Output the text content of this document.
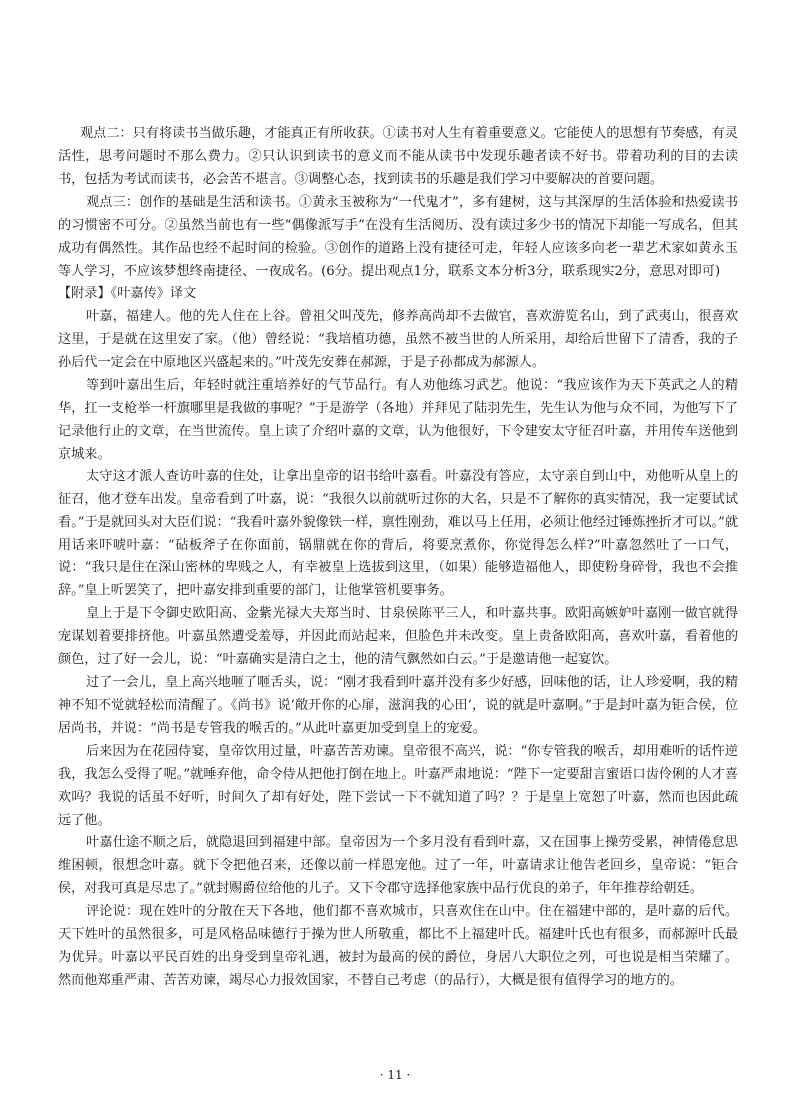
观点二：只有将读书当做乐趣，才能真正有所收获。①读书对人生有着重要意义。它能使人的思想有节奏感，有灵活性，思考问题时不那么费力。②只认识到读书的意义而不能从读书中发现乐趣者读不好书。带着功利的目的去读书，包括为考试而读书，必会苦不堪言。③调整心态，找到读书的乐趣是我们学习中要解决的首要问题。

观点三：创作的基础是生活和读书。①黄永玉被称为“一代鬼才”，多有建树，这与其深厚的生活体验和热爱读书的习惯密不可分。②虽然当前也有一些“偶像派写手”在没有生活阅历、没有读过多少书的情况下却能一写成名，但其成功有偶然性。其作品也经不起时间的检验。③创作的道路上没有捷径可走，年轻人应该多向老一辈艺术家如黄永玉等人学习，不应该梦想终南捷径、一夜成名。(6分。提出观点1分，联系文本分析3分，联系现实2分，意思对即可)

【附录】《叶嘉传》译文

叶嘉，福建人。他的先人住在上谷。曾祖父叫茂先，修养高尚却不去做官，喜欢游览名山，到了武夷山，很喜欢这里，于是就在这里安了家。（他）曾经说：“我培植功德，虽然不被当世的人所采用，却给后世留下了清香，我的子孙后代一定会在中原地区兴盛起来的。”叶茂先安葬在郝源，于是子孙都成为郝源人。

等到叶嘉出生后，年轻时就注重培养好的气节品行。有人劝他练习武艺。他说：“我应该作为天下英武之人的精华，扛一支枪举一杆旗哪里是我做的事呢？”于是游学（各地）并拜见了陆羽先生，先生认为他与众不同，为他写下了记录他行止的文章，在当世流传。皇上读了介绍叶嘉的文章，认为他很好，下令建安太守征召叶嘉，并用传车送他到京城来。

太守这才派人查访叶嘉的住处，让拿出皇帝的诏书给叶嘉看。叶嘉没有答应，太守亲自到山中，劝他听从皇上的征召，他才登车出发。皇帝看到了叶嘉，说：“我很久以前就听过你的大名，只是不了解你的真实情况，我一定要试试看。”于是就回头对大臣们说：“我看叶嘉外貌像铁一样，禀性刚劲，难以马上任用，必须让他经过锤炼挫折才可以。”就用话来吓唬叶嘉：“砧板斧子在你面前，锅鼎就在你的背后，将要烹煮你，你觉得怎么样?”叶嘉忽然吐了一口气，说：“我只是住在深山密林的卑贱之人，有幸被皇上选拔到这里，（如果）能够造福他人，即使粉身碎骨，我也不会推辞。”皇上听罢笑了，把叶嘉安排到重要的部门，让他掌管机要事务。

皇上于是下令御史欧阳高、金紫光禄大夫郑当时、甘泉侯陈平三人，和叶嘉共事。欧阳高嫉妒叶嘉刚一做官就得宠谋划着要排挤他。叶嘉虽然遭受羞辱，并因此而站起来，但脸色并未改变。皇上责备欧阳高，喜欢叶嘉，看着他的颜色，过了好一会儿，说：“叶嘉确实是清白之士，他的清气飘然如白云。”于是邀请他一起宴饮。

过了一会儿，皇上高兴地咂了咂舌头，说：“刚才我看到叶嘉并没有多少好感，回味他的话，让人珍爱啊，我的精神不知不觉就轻松而清醒了。《尚书》说‘敞开你的心扉，滋润我的心田’，说的就是叶嘉啊。”于是封叶嘉为钜合侯，位居尚书，并说：“尚书是专管我的喉舌的。”从此叶嘉更加受到皇上的宠爱。

后来因为在花园侍宴，皇帝饮用过量，叶嘉苦苦劝谏。皇帝很不高兴，说：“你专管我的喉舌，却用难听的话忤逆我，我怎么受得了呢。”就唾弃他，命令侍从把他打倒在地上。叶嘉严肃地说：“陛下一定要甜言蜜语口齿伶俐的人才喜欢吗？我说的话虽不好听，时间久了却有好处，陛下尝试一下不就知道了吗？？于是皇上宽恕了叶嘉，然而也因此疏远了他。

叶嘉仕途不顺之后，就隐退回到福建中部。皇帝因为一个多月没有看到叶嘉，又在国事上操劳受累，神情倦怠思维困顿，很想念叶嘉。就下令把他召来，还像以前一样恩宠他。过了一年，叶嘉请求让他告老回乡，皇帝说：“钜合侯，对我可真是尽忠了。”就封赐爵位给他的儿子。又下令郡守选择他家族中品行优良的弟子，年年推荐给朝廷。

评论说：现在姓叶的分散在天下各地，他们都不喜欢城市，只喜欢住在山中。住在福建中部的，是叶嘉的后代。天下姓叶的虽然很多，可是风格品味德行于操为世人所敬重，都比不上福建叶氏。福建叶氏也有很多，而郝源叶氏最为优异。叶嘉以平民百姓的出身受到皇帝礼遇，被封为最高的侯的爵位，身居八大职位之列，可也说是相当荣耀了。然而他郑重严肃、苦苦劝谏，竭尽心力报效国家，不替自己考虑（的品行），大概是很有值得学习的地方的。

· 11 ·
